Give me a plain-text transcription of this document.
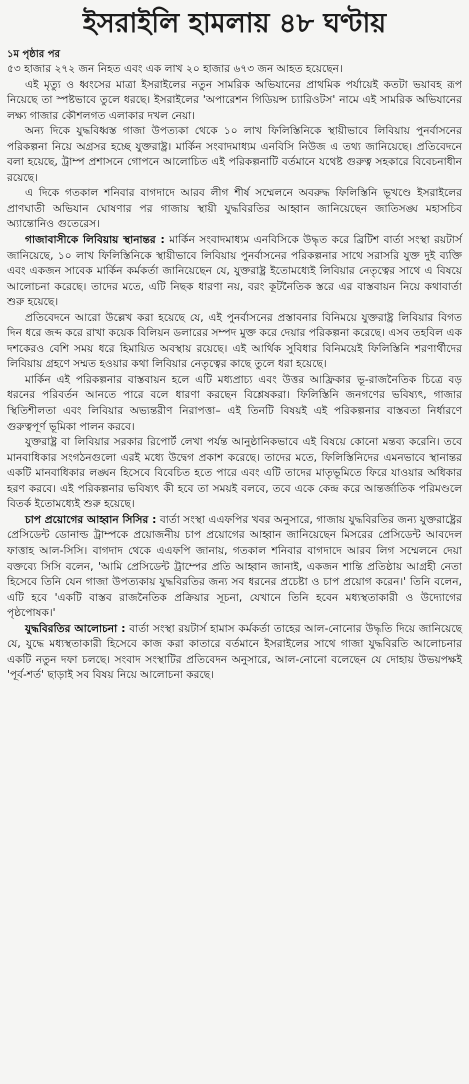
ইসরাইলি হামলায় ৪৮ ঘণ্টায়

১ম পৃষ্ঠার পর

৫৩ হাজার ২৭২ জন নিহত এবং এক লাখ ২০ হাজার ৬৭৩ জন আহত হয়েছেন।

এই মৃত্যু ও ধ্বংসের মাত্রা ইসরাইলের নতুন সামরিক অভিযানের প্রাথমিক পর্যায়েই কতটা ভয়াবহ রূপ নিয়েছে তা স্পষ্টভাবে তুলে ধরছে। ইসরাইলের 'অপারেশন গিডিয়ন্স চ্যারিওটস' নামে এই সামরিক অভিযানের লক্ষ্য গাজার কৌশলগত এলাকার দখল নেয়া।

অন্য দিকে যুদ্ধবিধ্বস্ত গাজা উপত্যকা থেকে ১০ লাখ ফিলিস্তিনিকে স্থায়ীভাবে লিবিয়ায় পুনর্বাসনের পরিকল্পনা নিয়ে অগ্রসর হচ্ছে যুক্তরাষ্ট্র। মার্কিন সংবাদমাধ্যম এনবিসি নিউজ এ তথ্য জানিয়েছে। প্রতিবেদনে বলা হয়েছে, ট্রাম্প প্রশাসনে গোপনে আলোচিত এই পরিকল্পনাটি বর্তমানে যথেষ্ট গুরুত্ব সহকারে বিবেচনাধীন রয়েছে।

এ দিকে গতকাল শনিবার বাগদাদে আরব লীগ শীর্ষ সম্মেলনে অবরুদ্ধ ফিলিস্তিনি ভূখণ্ডে ইসরাইলের প্রাণঘাতী অভিযান ঘোষণার পর গাজায় স্থায়ী যুদ্ধবিরতির আহ্বান জানিয়েছেন জাতিসঙ্ঘ মহাসচিব অ্যান্তোনিও গুতেরেস।

গাজাবাসীকে লিবিয়ায় স্থানান্তর : মার্কিন সংবাদমাধ্যম এনবিসিকে উদ্ধৃত করে ব্রিটিশ বার্তা সংস্থা রয়টার্স জানিয়েছে, ১০ লাখ ফিলিস্তিনিকে স্থায়ীভাবে লিবিয়ায় পুনর্বাসনের পরিকল্পনার সাথে সরাসরি যুক্ত দুই ব্যক্তি এবং একজন সাবেক মার্কিন কর্মকর্তা জানিয়েছেন যে, যুক্তরাষ্ট্র ইতোমধ্যেই লিবিয়ার নেতৃত্বের সাথে এ বিষয়ে আলোচনা করেছে। তাদের মতে, এটি নিছক ধারণা নয়, বরং কূটনৈতিক স্তরে এর বাস্তবায়ন নিয়ে কথাবার্তা শুরু হয়েছে।

প্রতিবেদনে আরো উল্লেখ করা হয়েছে যে, এই পুনর্বাসনের প্রস্তাবনার বিনিময়ে যুক্তরাষ্ট্র লিবিয়ার বিগত দিন ধরে জব্দ করে রাখা কয়েক বিলিয়ন ডলারের সম্পদ মুক্ত করে দেয়ার পরিকল্পনা করেছে। এসব তহবিল এক দশকেরও বেশি সময় ধরে হিমায়িত অবস্থায় রয়েছে। এই আর্থিক সুবিধার বিনিময়েই ফিলিস্তিনি শরণার্থীদের লিবিয়ায় গ্রহণে সম্মত হওয়ার কথা লিবিয়ার নেতৃত্বের কাছে তুলে ধরা হয়েছে।

মার্কিন এই পরিকল্পনার বাস্তবায়ন হলে এটি মধ্যপ্রাচ্য এবং উত্তর আফ্রিকার ভূ-রাজনৈতিক চিত্রে বড় ধরনের পরিবর্তন আনতে পারে বলে ধারণা করছেন বিশ্লেষকরা। ফিলিস্তিনি জনগণের ভবিষ্যৎ, গাজার স্থিতিশীলতা এবং লিবিয়ার অভ্যন্তরীণ নিরাপত্তা– এই তিনটি বিষয়ই এই পরিকল্পনার বাস্তবতা নির্ধারণে গুরুত্বপূর্ণ ভূমিকা পালন করবে।

যুক্তরাষ্ট্র বা লিবিয়ার সরকার রিপোর্ট লেখা পর্যন্ত আনুষ্ঠানিকভাবে এই বিষয়ে কোনো মন্তব্য করেনি। তবে মানবাধিকার সংগঠনগুলো এরই মধ্যে উদ্বেগ প্রকাশ করেছে। তাদের মতে, ফিলিস্তিনিদের এমনভাবে স্থানান্তর একটি মানবাধিকার লঙ্ঘন হিসেবে বিবেচিত হতে পারে এবং এটি তাদের মাতৃভূমিতে ফিরে যাওয়ার অধিকার হরণ করবে। এই পরিকল্পনার ভবিষ্যৎ কী হবে তা সময়ই বলবে, তবে একে কেন্দ্র করে আন্তর্জাতিক পরিমণ্ডলে বিতর্ক ইতোমধ্যেই শুরু হয়েছে।

চাপ প্রয়োগের আহ্বান সিসির : বার্তা সংস্থা এএফপির খবর অনুসারে, গাজায় যুদ্ধবিরতির জন্য যুক্তরাষ্ট্রের প্রেসিডেন্ট ডোনাল্ড ট্রাম্পকে প্রয়োজনীয় চাপ প্রয়োগের আহ্বান জানিয়েছেন মিসরের প্রেসিডেন্ট আবদেল ফাত্তাহ আল-সিসি। বাগদাদ থেকে এএফপি জানায়, গতকাল শনিবার বাগদাদে আরব লিগ সম্মেলনে দেয়া বক্তব্যে সিসি বলেন, 'আমি প্রেসিডেন্ট ট্রাম্পের প্রতি আহ্বান জানাই, একজন শান্তি প্রতিষ্ঠায় আগ্রহী নেতা হিসেবে তিনি যেন গাজা উপত্যকায় যুদ্ধবিরতির জন্য সব ধরনের প্রচেষ্টা ও চাপ প্রয়োগ করেন।' তিনি বলেন, এটি হবে 'একটি বাস্তব রাজনৈতিক প্রক্রিয়ার সূচনা, যেখানে তিনি হবেন মধ্যস্থতাকারী ও উদ্যোগের পৃষ্ঠপোষক।'

যুদ্ধবিরতির আলোচনা : বার্তা সংস্থা রয়টার্স হামাস কর্মকর্তা তাহের আল-নোনোর উদ্ধৃতি দিয়ে জানিয়েছে যে, যুদ্ধে মধ্যস্থতাকারী হিসেবে কাজ করা কাতারে বর্তমানে ইসরাইলের সাথে গাজা যুদ্ধবিরতি আলোচনার একটি নতুন দফা চলছে। সংবাদ সংস্থাটির প্রতিবেদন অনুসারে, আল-নোনো বলেছেন যে দোহায় উভয়পক্ষই 'পূর্ব-শর্ত' ছাড়াই সব বিষয় নিয়ে আলোচনা করছে।
